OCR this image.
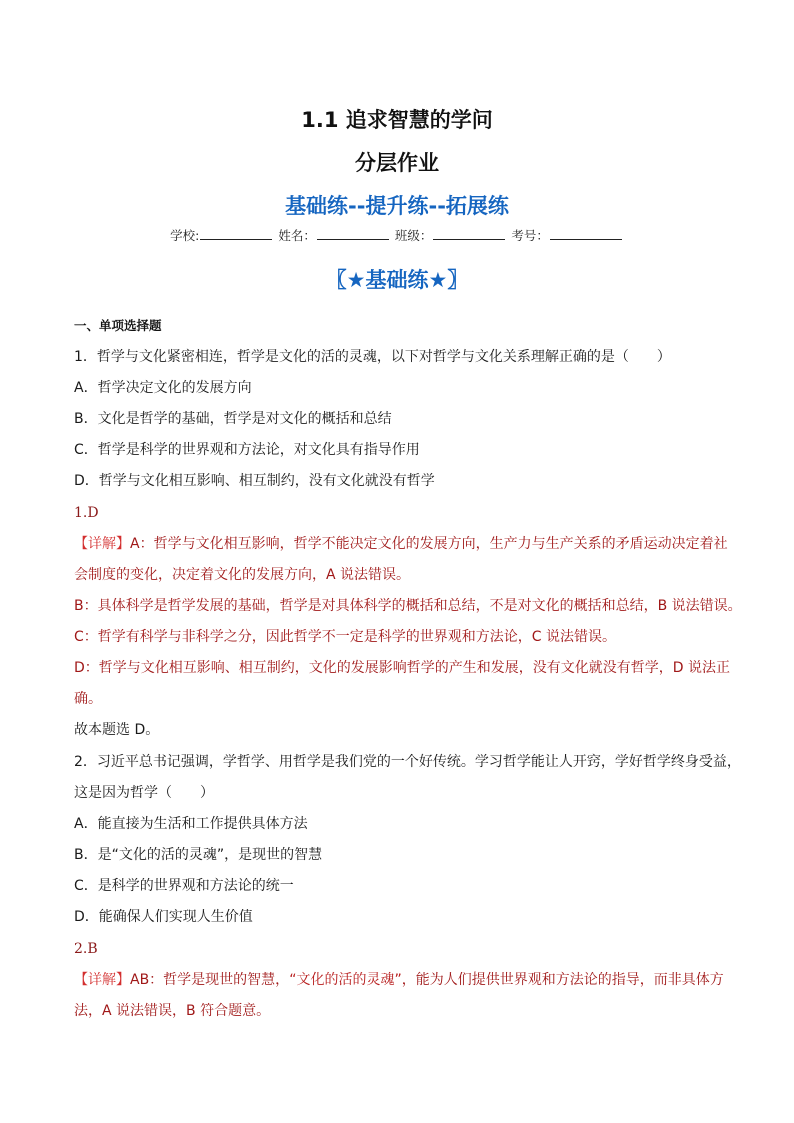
1.1 追求智慧的学问
分层作业
基础练--提升练--拓展练
学校:	姓名：	班级：	考号：
〖★基础练★〗
一、单项选择题
1．哲学与文化紧密相连，哲学是文化的活的灵魂，以下对哲学与文化关系理解正确的是（　　）
A．哲学决定文化的发展方向
B．文化是哲学的基础，哲学是对文化的概括和总结
C．哲学是科学的世界观和方法论，对文化具有指导作用
D．哲学与文化相互影响、相互制约，没有文化就没有哲学
1.D
【详解】A：哲学与文化相互影响，哲学不能决定文化的发展方向，生产力与生产关系的矛盾运动决定着社
会制度的变化，决定着文化的发展方向，A 说法错误。
B：具体科学是哲学发展的基础，哲学是对具体科学的概括和总结，不是对文化的概括和总结，B 说法错误。
C：哲学有科学与非科学之分，因此哲学不一定是科学的世界观和方法论，C 说法错误。
D：哲学与文化相互影响、相互制约，文化的发展影响哲学的产生和发展，没有文化就没有哲学，D 说法正
确。
故本题选 D。
2．习近平总书记强调，学哲学、用哲学是我们党的一个好传统。学习哲学能让人开窍，学好哲学终身受益，
这是因为哲学（　　）
A．能直接为生活和工作提供具体方法
B．是“文化的活的灵魂”，是现世的智慧
C．是科学的世界观和方法论的统一
D．能确保人们实现人生价值
2.B
【详解】AB：哲学是现世的智慧，“文化的活的灵魂”，能为人们提供世界观和方法论的指导，而非具体方
法，A 说法错误，B 符合题意。
